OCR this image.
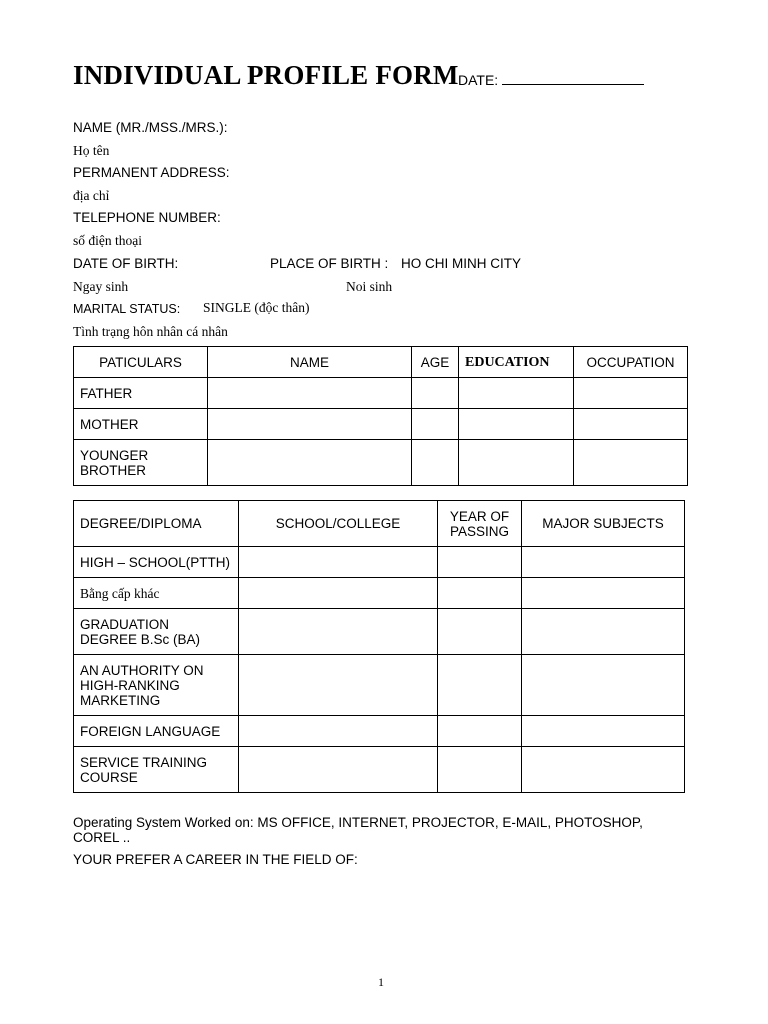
INDIVIDUAL PROFILE FORM DATE:
NAME (MR./MSS./MRS.):
Họ tên
PERMANENT ADDRESS:
địa chỉ
TELEPHONE NUMBER:
số điện thoại
DATE OF BIRTH:	PLACE OF BIRTH : HO CHI MINH CITY
Ngay sinh	Noi sinh
MARITAL STATUS: SINGLE (độc thân)
Tình trạng hôn nhân cá nhân
PATICULARS	NAME	AGE	EDUCATION	OCCUPATION
FATHER				
MOTHER				
YOUNGER BROTHER				
DEGREE/DIPLOMA	SCHOOL/COLLEGE	YEAR OF PASSING	MAJOR SUBJECTS
HIGH – SCHOOL(PTTH)			
Bằng cấp khác			
GRADUATION DEGREE B.Sc (BA)			
AN AUTHORITY ON HIGH-RANKING MARKETING			
FOREIGN LANGUAGE			
SERVICE TRAINING COURSE			
Operating System Worked on: MS OFFICE, INTERNET, PROJECTOR, E-MAIL, PHOTOSHOP, COREL ..
YOUR PREFER A CAREER IN THE FIELD OF:
1
